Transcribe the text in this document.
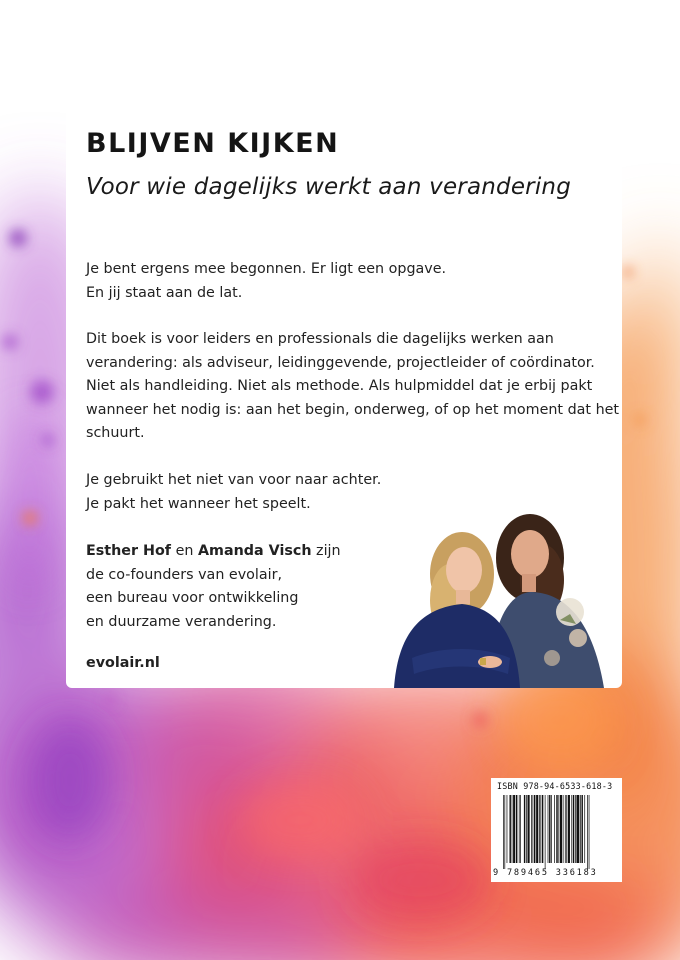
BLIJVEN KIJKEN

Voor wie dagelijks werkt aan verandering

Je bent ergens mee begonnen. Er ligt een opgave.
En jij staat aan de lat.

Dit boek is voor leiders en professionals die dagelijks werken aan
verandering: als adviseur, leidinggevende, projectleider of coördinator.
Niet als handleiding. Niet als methode. Als hulpmiddel dat je erbij pakt
wanneer het nodig is: aan het begin, onderweg, of op het moment dat het
schuurt.

Je gebruikt het niet van voor naar achter.
Je pakt het wanneer het speelt.

Esther Hof en Amanda Visch zijn
de co-founders van evolair,
een bureau voor ontwikkeling
en duurzame verandering.

evolair.nl

ISBN 978-94-6533-618-3

9 789465 336183
